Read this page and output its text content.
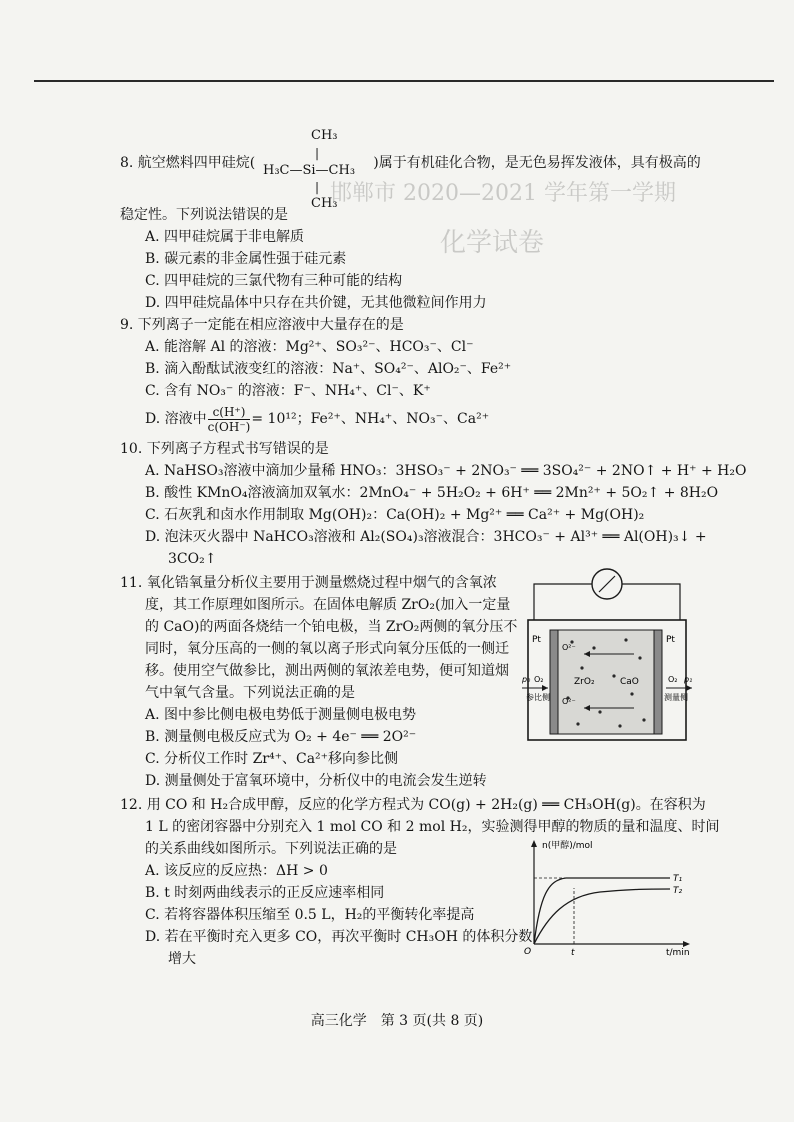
邯郸市 2020—2021 学年第一学期
化学试卷
8. 航空燃料四甲硅烷(	)属于有机硅化合物，是无色易挥发液体，具有极高的
CH₃
|
H₃C—Si—CH₃
|
CH₃
稳定性。下列说法错误的是
A. 四甲硅烷属于非电解质
B. 碳元素的非金属性强于硅元素
C. 四甲硅烷的三氯代物有三种可能的结构
D. 四甲硅烷晶体中只存在共价键，无其他微粒间作用力
9. 下列离子一定能在相应溶液中大量存在的是
A. 能溶解 Al 的溶液：Mg²⁺、SO₃²⁻、HCO₃⁻、Cl⁻
B. 滴入酚酞试液变红的溶液：Na⁺、SO₄²⁻、AlO₂⁻、Fe²⁺
C. 含有 NO₃⁻ 的溶液：F⁻、NH₄⁺、Cl⁻、K⁺
D. 溶液中 $\frac{c(H^+)}{c(OH^-)} = 10^{12}$；Fe²⁺、NH₄⁺、NO₃⁻、Ca²⁺
10. 下列离子方程式书写错误的是
A. NaHSO₃溶液中滴加少量稀 HNO₃：3HSO₃⁻ + 2NO₃⁻ ══ 3SO₄²⁻ + 2NO↑ + H⁺ + H₂O
B. 酸性 KMnO₄溶液滴加双氧水：2MnO₄⁻ + 5H₂O₂ + 6H⁺ ══ 2Mn²⁺ + 5O₂↑ + 8H₂O
C. 石灰乳和卤水作用制取 Mg(OH)₂：Ca(OH)₂ + Mg²⁺ ══ Ca²⁺ + Mg(OH)₂
D. 泡沫灭火器中 NaHCO₃溶液和 Al₂(SO₄)₃溶液混合：3HCO₃⁻ + Al³⁺ ══ Al(OH)₃↓ +
3CO₂↑
11. 氧化锆氧量分析仪主要用于测量燃烧过程中烟气的含氧浓
度，其工作原理如图所示。在固体电解质 ZrO₂(加入一定量
的 CaO)的两面各烧结一个铂电极，当 ZrO₂两侧的氧分压不
同时，氧分压高的一侧的氧以离子形式向氧分压低的一侧迁
移。使用空气做参比，测出两侧的氧浓差电势，便可知道烟
气中氧气含量。下列说法正确的是
A. 图中参比侧电极电势低于测量侧电极电势
B. 测量侧电极反应式为 O₂ + 4e⁻ ══ 2O²⁻
C. 分析仪工作时 Zr⁴⁺、Ca²⁺移向参比侧
D. 测量侧处于富氧环境中，分析仪中的电流会发生逆转
O²⁻
O²⁻
ZrO₂	CaO
Pt	Pt
O₂	O₂
p₀	p₁
参比侧	测量侧
12. 用 CO 和 H₂合成甲醇，反应的化学方程式为 CO(g) + 2H₂(g) ══ CH₃OH(g)。在容积为
1 L 的密闭容器中分别充入 1 mol CO 和 2 mol H₂，实验测得甲醇的物质的量和温度、时间
的关系曲线如图所示。下列说法正确的是
A. 该反应的反应热：ΔH > 0
B. t 时刻两曲线表示的正反应速率相同
C. 若将容器体积压缩至 0.5 L，H₂的平衡转化率提高
D. 若在平衡时充入更多 CO，再次平衡时 CH₃OH 的体积分数
增大
n(甲醇)/mol
t/min
O	t
T₁
T₂
高三化学　第 3 页(共 8 页)
